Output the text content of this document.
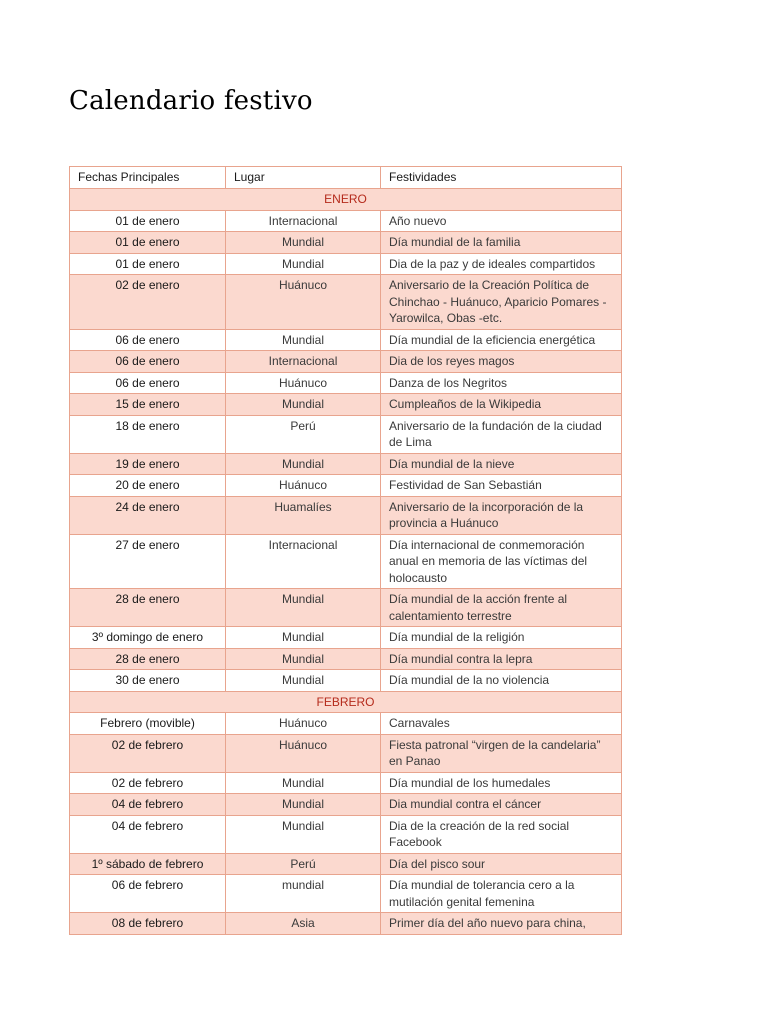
Calendario festivo
Fechas Principales	Lugar	Festividades
ENERO		
01 de enero	Internacional	Año nuevo
01 de enero	Mundial	Día mundial de la familia
01 de enero	Mundial	Dia de la paz y de ideales compartidos
02 de enero	Huánuco	Aniversario de la Creación Política de Chinchao - Huánuco, Aparicio Pomares - Yarowilca, Obas -etc.
06 de enero	Mundial	Día mundial de la eficiencia energética
06 de enero	Internacional	Dia de los reyes magos
06 de enero	Huánuco	Danza de los Negritos
15 de enero	Mundial	Cumpleaños de la Wikipedia
18 de enero	Perú	Aniversario de la fundación de la ciudad de Lima
19 de enero	Mundial	Día mundial de la nieve
20 de enero	Huánuco	Festividad de San Sebastián
24 de enero	Huamalíes	Aniversario de la incorporación de la provincia a Huánuco
27 de enero	Internacional	Día internacional de conmemoración anual en memoria de las víctimas del holocausto
28 de enero	Mundial	Día mundial de la acción frente al calentamiento terrestre
3º domingo de enero	Mundial	Día mundial de la religión
28 de enero	Mundial	Día mundial contra la lepra
30 de enero	Mundial	Día mundial de la no violencia
FEBRERO		
Febrero (movible)	Huánuco	Carnavales
02 de febrero	Huánuco	Fiesta patronal “virgen de la candelaria” en Panao
02 de febrero	Mundial	Día mundial de los humedales
04 de febrero	Mundial	Dia mundial contra el cáncer
04 de febrero	Mundial	Dia de la creación de la red social Facebook
1º sábado de febrero	Perú	Día del pisco sour
06 de febrero	mundial	Día mundial de tolerancia cero a la mutilación genital femenina
08 de febrero	Asia	Primer día del año nuevo para china,
